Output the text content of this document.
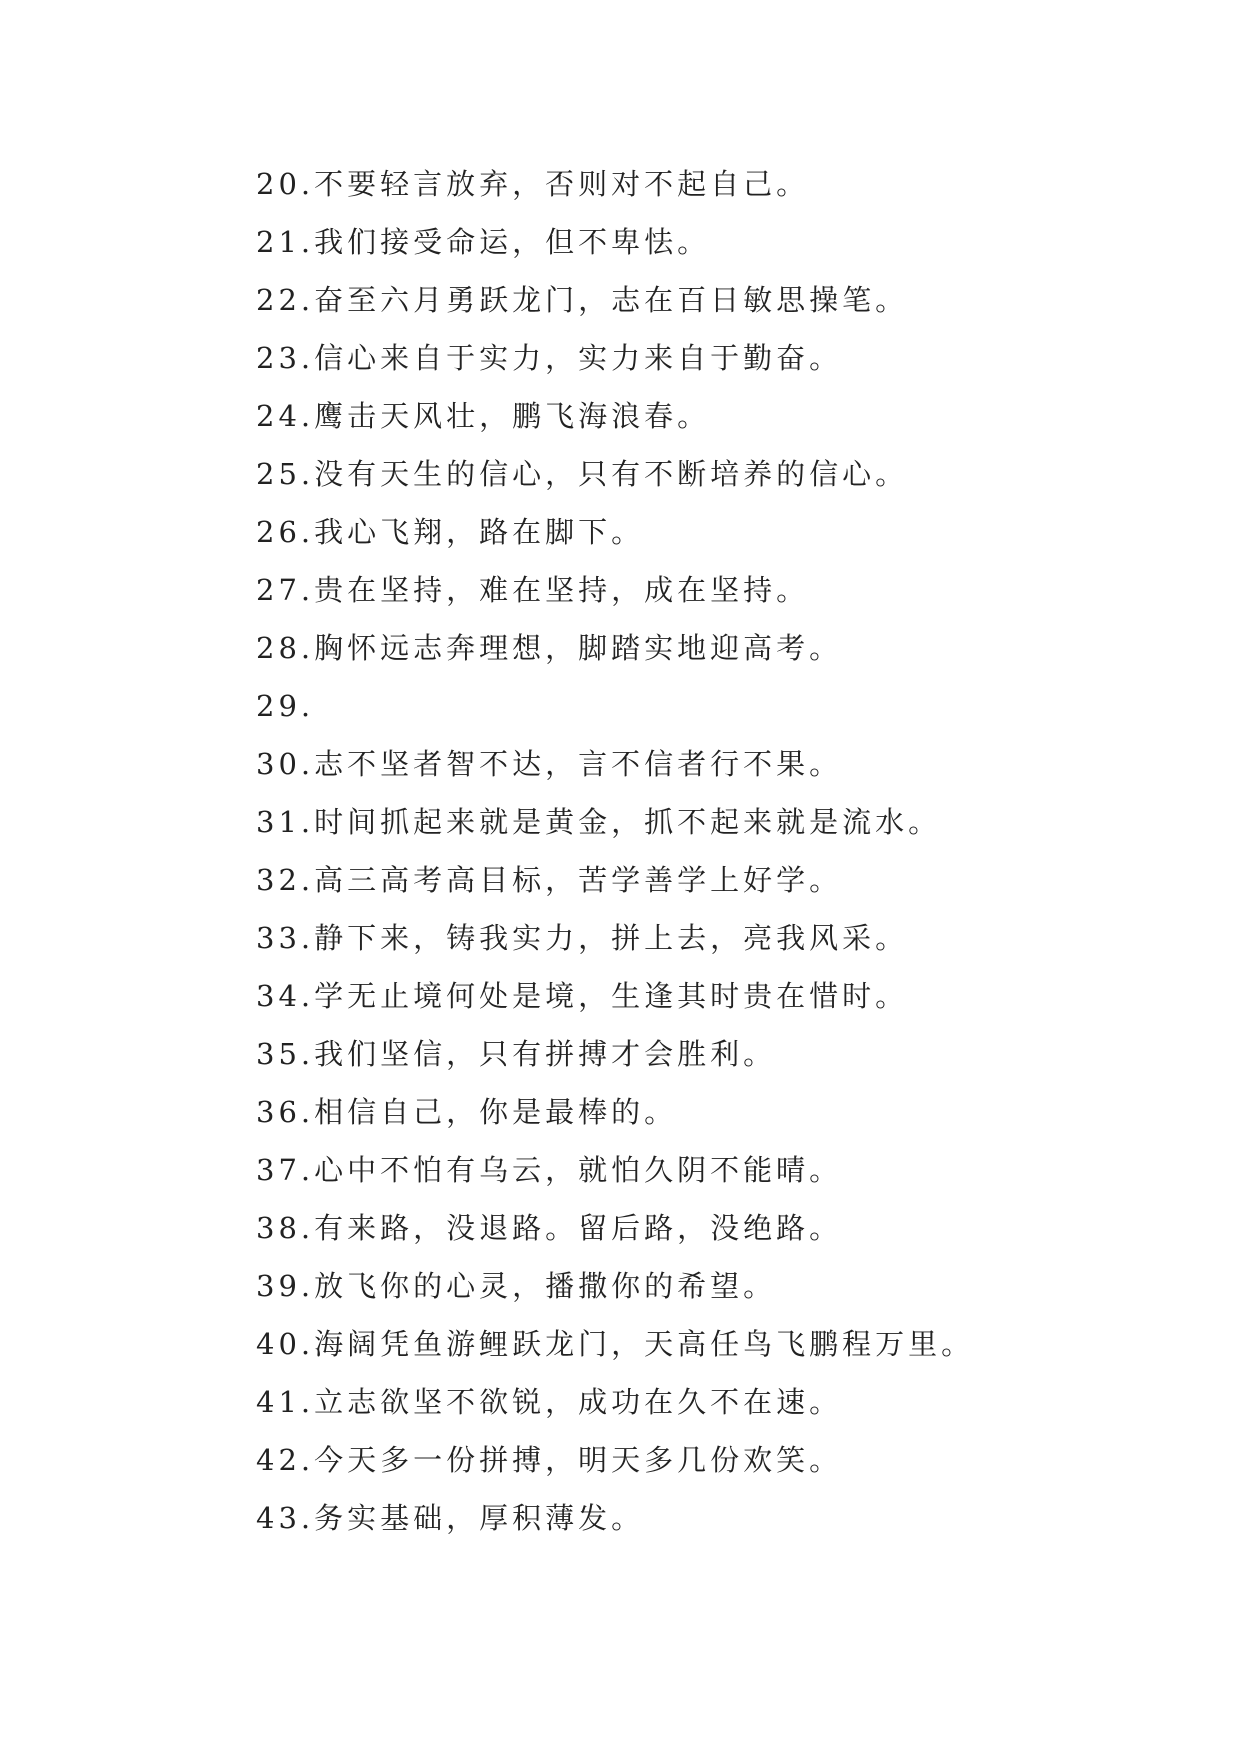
20.不要轻言放弃，否则对不起自己。
21.我们接受命运，但不卑怯。
22.奋至六月勇跃龙门，志在百日敏思操笔。
23.信心来自于实力，实力来自于勤奋。
24.鹰击天风壮，鹏飞海浪春。
25.没有天生的信心，只有不断培养的信心。
26.我心飞翔，路在脚下。
27.贵在坚持，难在坚持，成在坚持。
28.胸怀远志奔理想，脚踏实地迎高考。
29.
30.志不坚者智不达，言不信者行不果。
31.时间抓起来就是黄金，抓不起来就是流水。
32.高三高考高目标，苦学善学上好学。
33.静下来，铸我实力，拼上去，亮我风采。
34.学无止境何处是境，生逢其时贵在惜时。
35.我们坚信，只有拼搏才会胜利。
36.相信自己，你是最棒的。
37.心中不怕有乌云，就怕久阴不能晴。
38.有来路，没退路。留后路，没绝路。
39.放飞你的心灵，播撒你的希望。
40.海阔凭鱼游鲤跃龙门，天高任鸟飞鹏程万里。
41.立志欲坚不欲锐，成功在久不在速。
42.今天多一份拼搏，明天多几份欢笑。
43.务实基础，厚积薄发。
